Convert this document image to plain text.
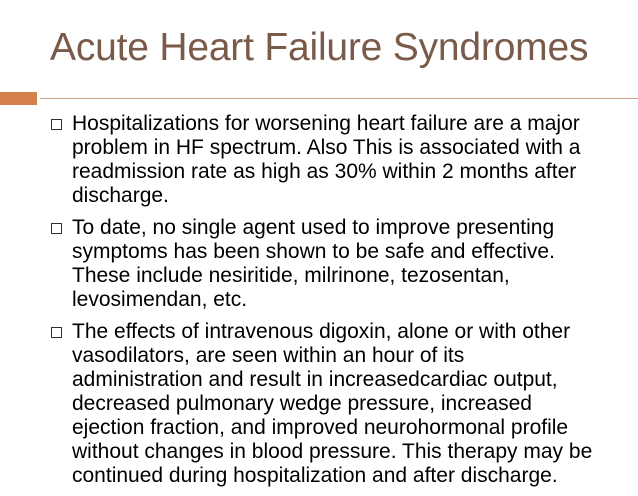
Acute Heart Failure Syndromes
Hospitalizations for worsening heart failure are a major problem in HF spectrum. Also This is associated with a readmission rate as high as 30% within 2 months after discharge.
To date, no single agent used to improve presenting symptoms has been shown to be safe and effective. These include nesiritide, milrinone, tezosentan, levosimendan, etc.
The effects of intravenous digoxin, alone or with other vasodilators, are seen within an hour of its administration and result in increasedcardiac output, decreased pulmonary wedge pressure, increased ejection fraction, and improved neurohormonal profile without changes in blood pressure. This therapy may be continued during hospitalization and after discharge.
